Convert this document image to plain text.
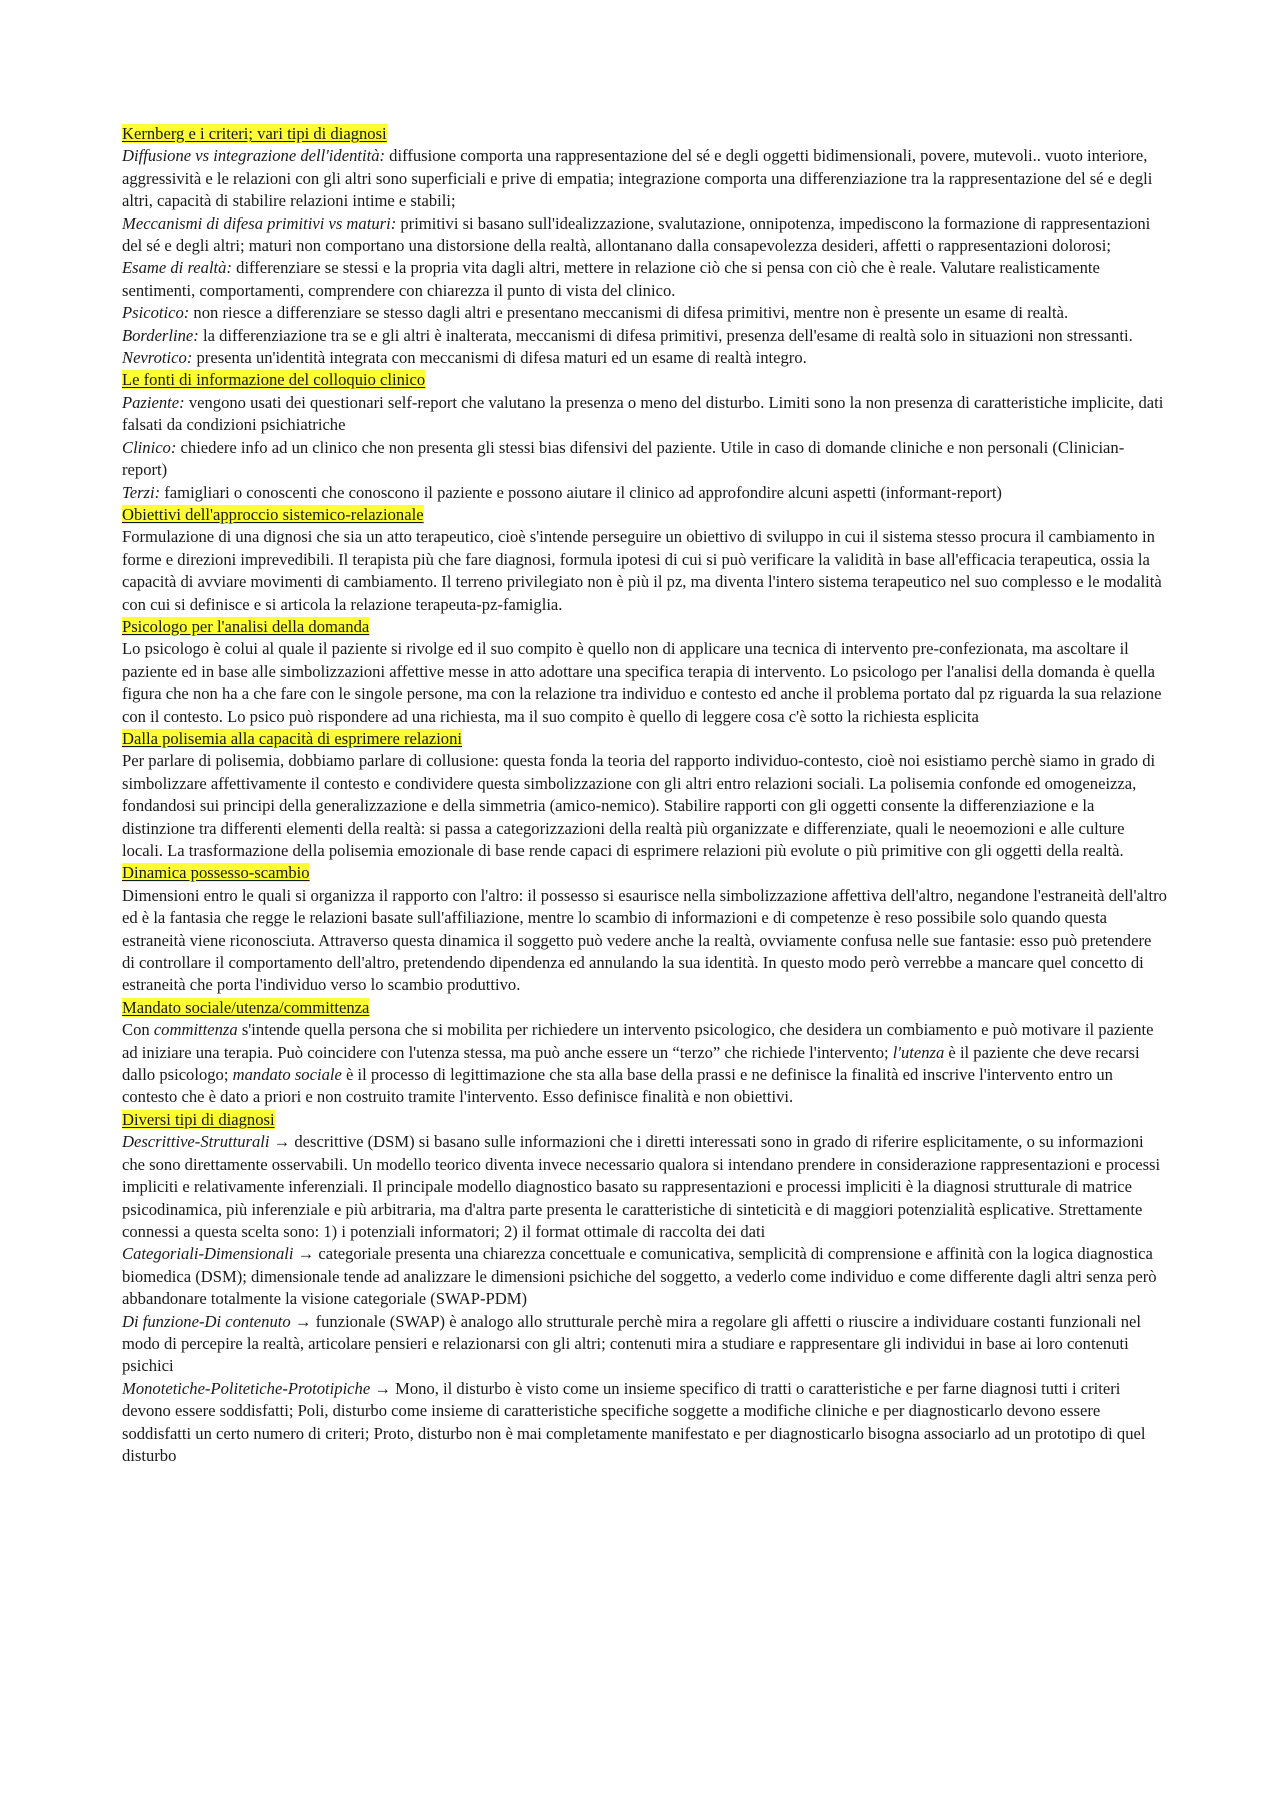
Kernberg e i criteri; vari tipi di diagnosi

Diffusione vs integrazione dell'identità: diffusione comporta una rappresentazione del sé e degli oggetti bidimensionali, povere, mutevoli.. vuoto interiore, aggressività e le relazioni con gli altri sono superficiali e prive di empatia; integrazione comporta una differenziazione tra la rappresentazione del sé e degli altri, capacità di stabilire relazioni intime e stabili;

Meccanismi di difesa primitivi vs maturi: primitivi si basano sull'idealizzazione, svalutazione, onnipotenza, impediscono la formazione di rappresentazioni del sé e degli altri; maturi non comportano una distorsione della realtà, allontanano dalla consapevolezza desideri, affetti o rappresentazioni dolorosi;

Esame di realtà: differenziare se stessi e la propria vita dagli altri, mettere in relazione ciò che si pensa con ciò che è reale. Valutare realisticamente sentimenti, comportamenti, comprendere con chiarezza il punto di vista del clinico.

Psicotico: non riesce a differenziare se stesso dagli altri e presentano meccanismi di difesa primitivi, mentre non è presente un esame di realtà.

Borderline: la differenziazione tra se e gli altri è inalterata, meccanismi di difesa primitivi, presenza dell'esame di realtà solo in situazioni non stressanti.

Nevrotico: presenta un'identità integrata con meccanismi di difesa maturi ed un esame di realtà integro.

Le fonti di informazione del colloquio clinico

Paziente: vengono usati dei questionari self-report che valutano la presenza o meno del disturbo. Limiti sono la non presenza di caratteristiche implicite, dati falsati da condizioni psichiatriche

Clinico: chiedere info ad un clinico che non presenta gli stessi bias difensivi del paziente. Utile in caso di domande cliniche e non personali (Clinician-report)

Terzi: famigliari o conoscenti che conoscono il paziente e possono aiutare il clinico ad approfondire alcuni aspetti (informant-report)

Obiettivi dell'approccio sistemico-relazionale

Formulazione di una dignosi che sia un atto terapeutico, cioè s'intende perseguire un obiettivo di sviluppo in cui il sistema stesso procura il cambiamento in forme e direzioni imprevedibili. Il terapista più che fare diagnosi, formula ipotesi di cui si può verificare la validità in base all'efficacia terapeutica, ossia la capacità di avviare movimenti di cambiamento. Il terreno privilegiato non è più il pz, ma diventa l'intero sistema terapeutico nel suo complesso e le modalità con cui si definisce e si articola la relazione terapeuta-pz-famiglia.

Psicologo per l'analisi della domanda

Lo psicologo è colui al quale il paziente si rivolge ed il suo compito è quello non di applicare una tecnica di intervento pre-confezionata, ma ascoltare il paziente ed in base alle simbolizzazioni affettive messe in atto adottare una specifica terapia di intervento. Lo psicologo per l'analisi della domanda è quella figura che non ha a che fare con le singole persone, ma con la relazione tra individuo e contesto ed anche il problema portato dal pz riguarda la sua relazione con il contesto. Lo psico può rispondere ad una richiesta, ma il suo compito è quello di leggere cosa c'è sotto la richiesta esplicita

Dalla polisemia alla capacità di esprimere relazioni

Per parlare di polisemia, dobbiamo parlare di collusione: questa fonda la teoria del rapporto individuo-contesto, cioè noi esistiamo perchè siamo in grado di simbolizzare affettivamente il contesto e condividere questa simbolizzazione con gli altri entro relazioni sociali. La polisemia confonde ed omogeneizza, fondandosi sui principi della generalizzazione e della simmetria (amico-nemico). Stabilire rapporti con gli oggetti consente la differenziazione e la distinzione tra differenti elementi della realtà: si passa a categorizzazioni della realtà più organizzate e differenziate, quali le neoemozioni e alle culture locali. La trasformazione della polisemia emozionale di base rende capaci di esprimere relazioni più evolute o più primitive con gli oggetti della realtà.

Dinamica possesso-scambio

Dimensioni entro le quali si organizza il rapporto con l'altro: il possesso si esaurisce nella simbolizzazione affettiva dell'altro, negandone l'estraneità dell'altro ed è la fantasia che regge le relazioni basate sull'affiliazione, mentre lo scambio di informazioni e di competenze è reso possibile solo quando questa estraneità viene riconosciuta. Attraverso questa dinamica il soggetto può vedere anche la realtà, ovviamente confusa nelle sue fantasie: esso può pretendere di controllare il comportamento dell'altro, pretendendo dipendenza ed annulando la sua identità. In questo modo però verrebbe a mancare quel concetto di estraneità che porta l'individuo verso lo scambio produttivo.

Mandato sociale/utenza/committenza

Con committenza s'intende quella persona che si mobilita per richiedere un intervento psicologico, che desidera un combiamento e può motivare il paziente ad iniziare una terapia. Può coincidere con l'utenza stessa, ma può anche essere un “terzo” che richiede l'intervento; l'utenza è il paziente che deve recarsi dallo psicologo; mandato sociale è il processo di legittimazione che sta alla base della prassi e ne definisce la finalità ed inscrive l'intervento entro un contesto che è dato a priori e non costruito tramite l'intervento. Esso definisce finalità e non obiettivi.

Diversi tipi di diagnosi

Descrittive-Strutturali → descrittive (DSM) si basano sulle informazioni che i diretti interessati sono in grado di riferire esplicitamente, o su informazioni che sono direttamente osservabili. Un modello teorico diventa invece necessario qualora si intendano prendere in considerazione rappresentazioni e processi impliciti e relativamente inferenziali. Il principale modello diagnostico basato su rappresentazioni e processi impliciti è la diagnosi strutturale di matrice psicodinamica, più inferenziale e più arbitraria, ma d'altra parte presenta le caratteristiche di sinteticità e di maggiori potenzialità esplicative. Strettamente connessi a questa scelta sono: 1) i potenziali informatori; 2) il format ottimale di raccolta dei dati

Categoriali-Dimensionali → categoriale presenta una chiarezza concettuale e comunicativa, semplicità di comprensione e affinità con la logica diagnostica biomedica (DSM); dimensionale tende ad analizzare le dimensioni psichiche del soggetto, a vederlo come individuo e come differente dagli altri senza però abbandonare totalmente la visione categoriale (SWAP-PDM)

Di funzione-Di contenuto → funzionale (SWAP) è analogo allo strutturale perchè mira a regolare gli affetti o riuscire a individuare costanti funzionali nel modo di percepire la realtà, articolare pensieri e relazionarsi con gli altri; contenuti mira a studiare e rappresentare gli individui in base ai loro contenuti psichici

Monotetiche-Politetiche-Prototipiche → Mono, il disturbo è visto come un insieme specifico di tratti o caratteristiche e per farne diagnosi tutti i criteri devono essere soddisfatti; Poli, disturbo come insieme di caratteristiche specifiche soggette a modifiche cliniche e per diagnosticarlo devono essere soddisfatti un certo numero di criteri; Proto, disturbo non è mai completamente manifestato e per diagnosticarlo bisogna associarlo ad un prototipo di quel disturbo
